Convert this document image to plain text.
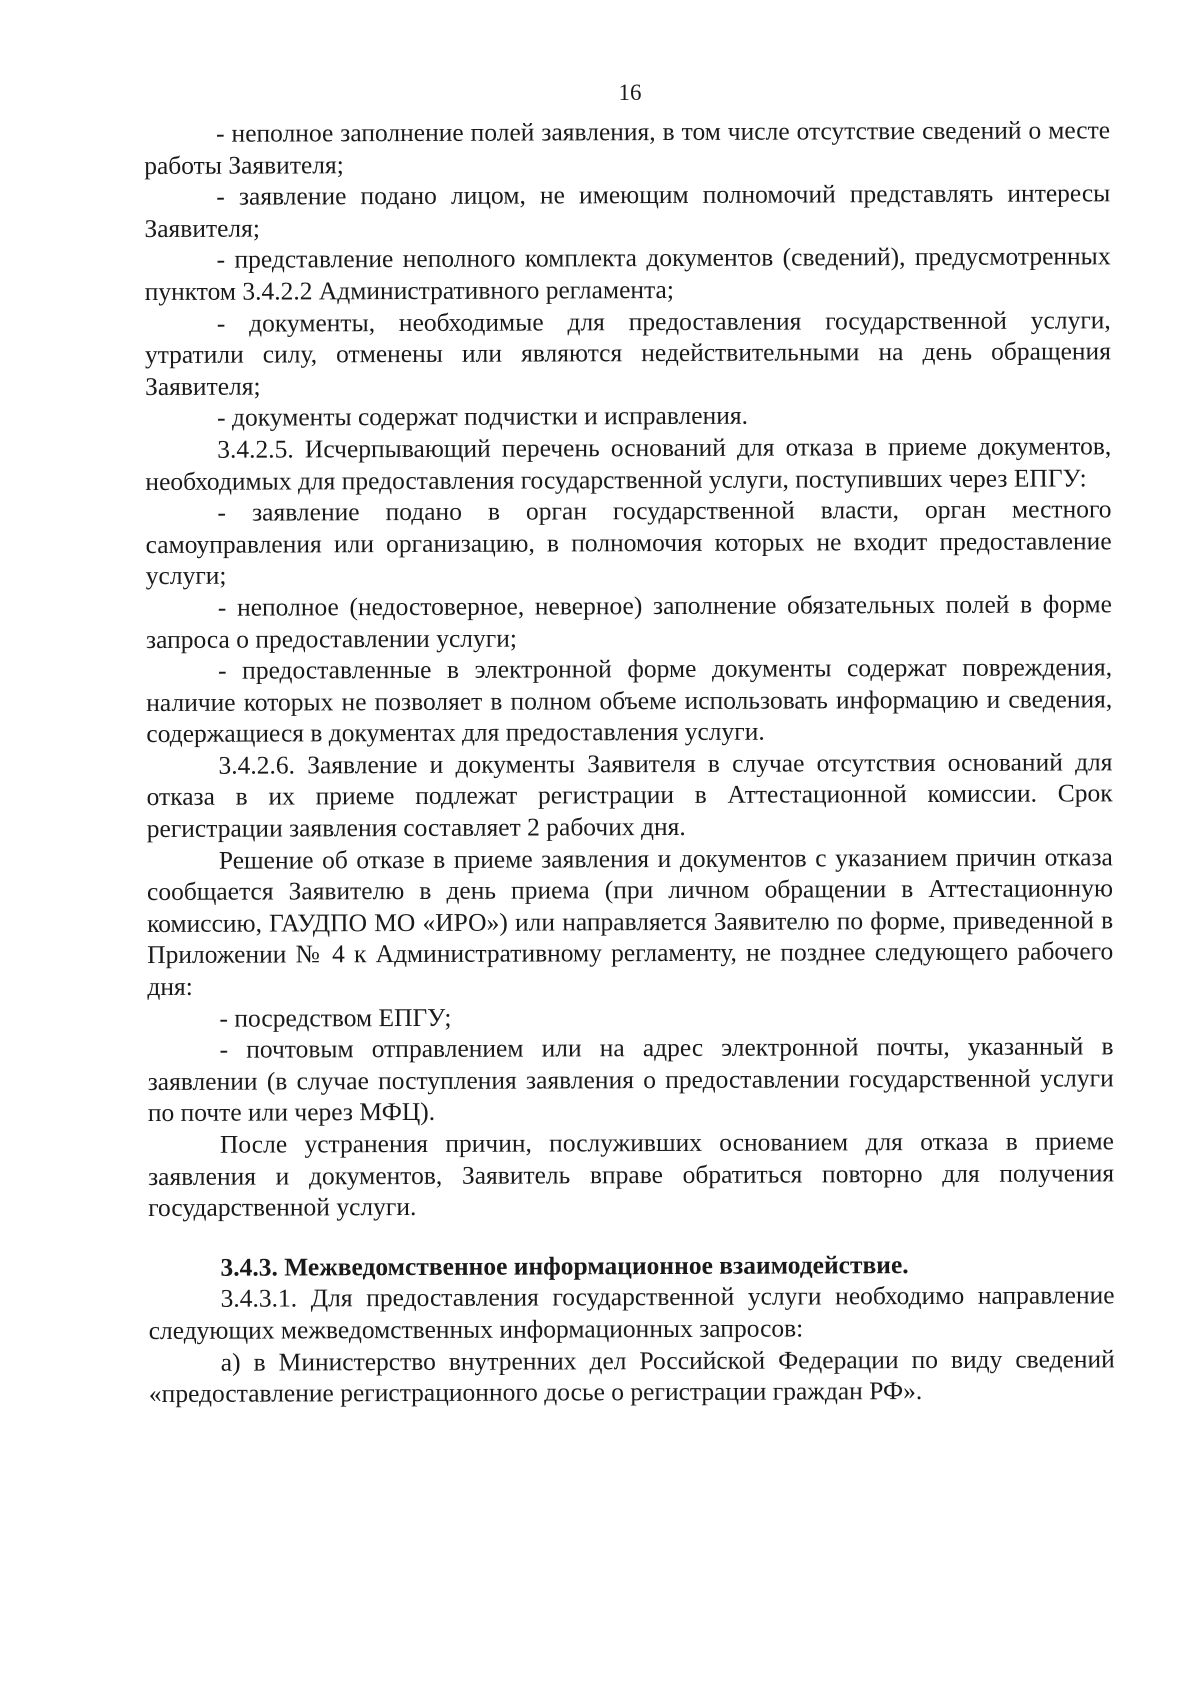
16

- неполное заполнение полей заявления, в том числе отсутствие сведений о месте работы Заявителя;

- заявление подано лицом, не имеющим полномочий представлять интересы Заявителя;

- представление неполного комплекта документов (сведений), предусмотренных пунктом 3.4.2.2 Административного регламента;

- документы, необходимые для предоставления государственной услуги, утратили силу, отменены или являются недействительными на день обращения Заявителя;

- документы содержат подчистки и исправления.

3.4.2.5. Исчерпывающий перечень оснований для отказа в приеме документов, необходимых для предоставления государственной услуги, поступивших через ЕПГУ:

- заявление подано в орган государственной власти, орган местного самоуправления или организацию, в полномочия которых не входит предоставление услуги;

- неполное (недостоверное, неверное) заполнение обязательных полей в форме запроса о предоставлении услуги;

- предоставленные в электронной форме документы содержат повреждения, наличие которых не позволяет в полном объеме использовать информацию и сведения, содержащиеся в документах для предоставления услуги.

3.4.2.6. Заявление и документы Заявителя в случае отсутствия оснований для отказа в их приеме подлежат регистрации в Аттестационной комиссии. Срок регистрации заявления составляет 2 рабочих дня.

Решение об отказе в приеме заявления и документов с указанием причин отказа сообщается Заявителю в день приема (при личном обращении в Аттестационную комиссию, ГАУДПО МО «ИРО») или направляется Заявителю по форме, приведенной в Приложении № 4 к Административному регламенту, не позднее следующего рабочего дня:

- посредством ЕПГУ;

- почтовым отправлением или на адрес электронной почты, указанный в заявлении (в случае поступления заявления о предоставлении государственной услуги по почте или через МФЦ).

После устранения причин, послуживших основанием для отказа в приеме заявления и документов, Заявитель вправе обратиться повторно для получения государственной услуги.

3.4.3. Межведомственное информационное взаимодействие.

3.4.3.1. Для предоставления государственной услуги необходимо направление следующих межведомственных информационных запросов:

а) в Министерство внутренних дел Российской Федерации по виду сведений «предоставление регистрационного досье о регистрации граждан РФ».
